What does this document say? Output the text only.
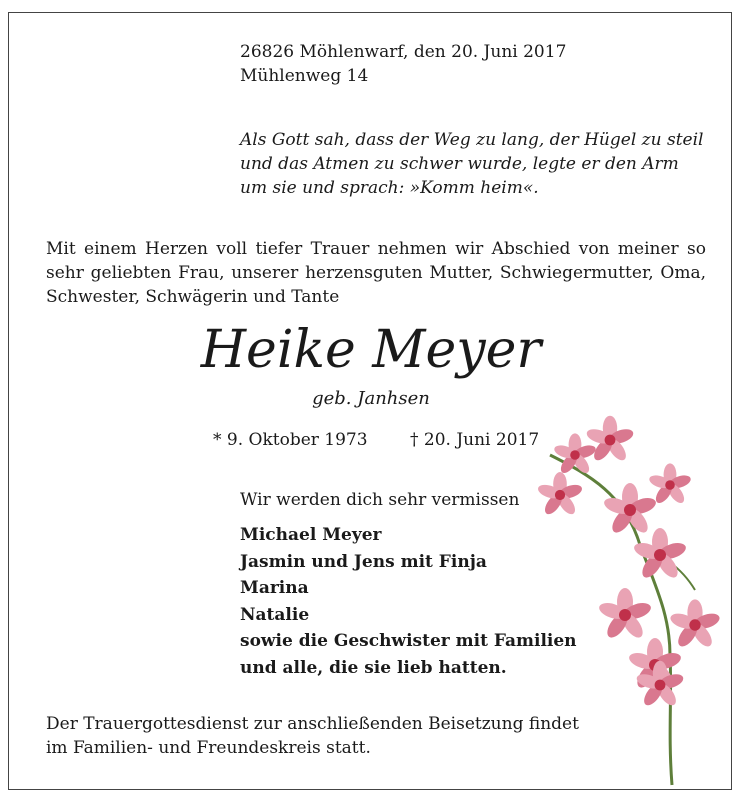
26826 Möhlenwarf, den 20. Juni 2017
Mühlenweg 14
Als Gott sah, dass der Weg zu lang, der Hügel zu steil
und das Atmen zu schwer wurde, legte er den Arm
um sie und sprach: »Komm heim«.
Mit einem Herzen voll tiefer Trauer nehmen wir Abschied von meiner so sehr geliebten Frau, unserer herzensguten Mutter, Schwiegermutter, Oma, Schwester, Schwägerin und Tante
Heike Meyer
geb. Janhsen
* 9. Oktober 1973 † 20. Juni 2017
Wir werden dich sehr vermissen
Michael Meyer
Jasmin und Jens mit Finja
Marina
Natalie
sowie die Geschwister mit Familien
und alle, die sie lieb hatten.
Der Trauergottesdienst zur anschließenden Beisetzung findet
im Familien- und Freundeskreis statt.
